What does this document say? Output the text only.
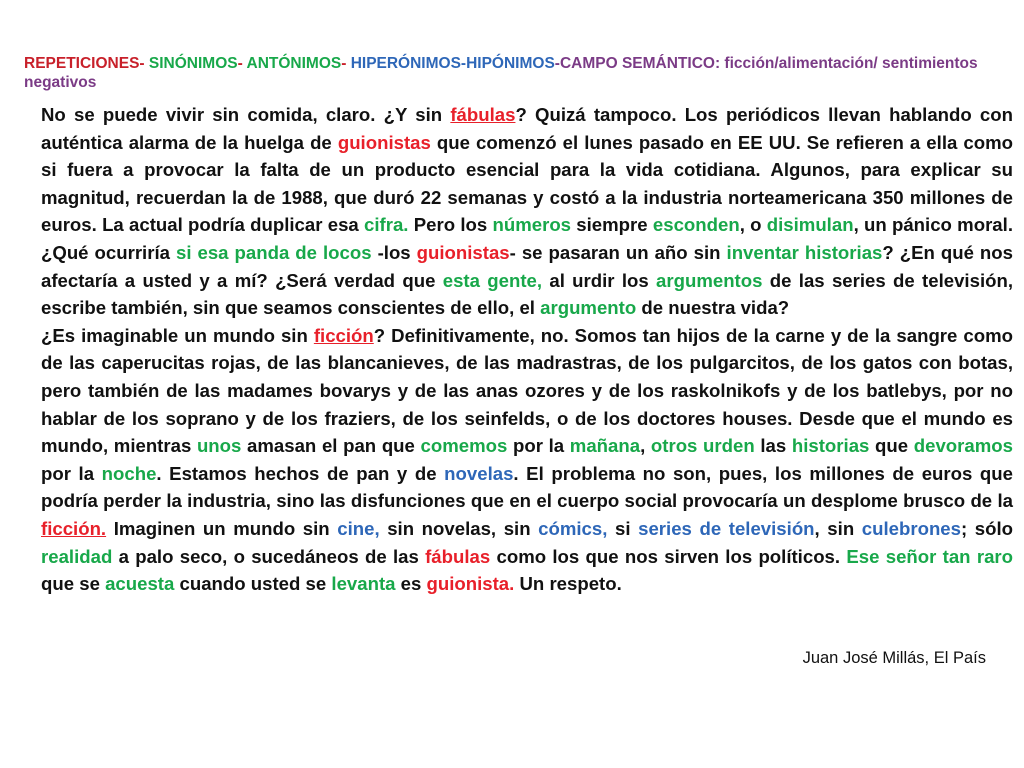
REPETICIONES- SINÓNIMOS- ANTÓNIMOS- HIPERÓNIMOS-HIPÓNIMOS-CAMPO SEMÁNTICO: ficción/alimentación/ sentimientos negativos

No se puede vivir sin comida, claro. ¿Y sin fábulas? Quizá tampoco. Los periódicos llevan hablando con auténtica alarma de la huelga de guionistas que comenzó el lunes pasado en EE UU. Se refieren a ella como si fuera a provocar la falta de un producto esencial para la vida cotidiana. Algunos, para explicar su magnitud, recuerdan la de 1988, que duró 22 semanas y costó a la industria norteamericana 350 millones de euros. La actual podría duplicar esa cifra. Pero los números siempre esconden, o disimulan, un pánico moral. ¿Qué ocurriría si esa panda de locos -los guionistas- se pasaran un año sin inventar historias? ¿En qué nos afectaría a usted y a mí? ¿Será verdad que esta gente, al urdir los argumentos de las series de televisión, escribe también, sin que seamos conscientes de ello, el argumento de nuestra vida?

¿Es imaginable un mundo sin ficción? Definitivamente, no. Somos tan hijos de la carne y de la sangre como de las caperucitas rojas, de las blancanieves, de las madrastras, de los pulgarcitos, de los gatos con botas, pero también de las madames bovarys y de las anas ozores y de los raskolnikofs y de los batlebys, por no hablar de los soprano y de los fraziers, de los seinfelds, o de los doctores houses. Desde que el mundo es mundo, mientras unos amasan el pan que comemos por la mañana, otros urden las historias que devoramos por la noche. Estamos hechos de pan y de novelas. El problema no son, pues, los millones de euros que podría perder la industria, sino las disfunciones que en el cuerpo social provocaría un desplome brusco de la ficción. Imaginen un mundo sin cine, sin novelas, sin cómics, si series de televisión, sin culebrones; sólo realidad a palo seco, o sucedáneos de las fábulas como los que nos sirven los políticos. Ese señor tan raro que se acuesta cuando usted se levanta es guionista. Un respeto.

Juan José Millás, El País
